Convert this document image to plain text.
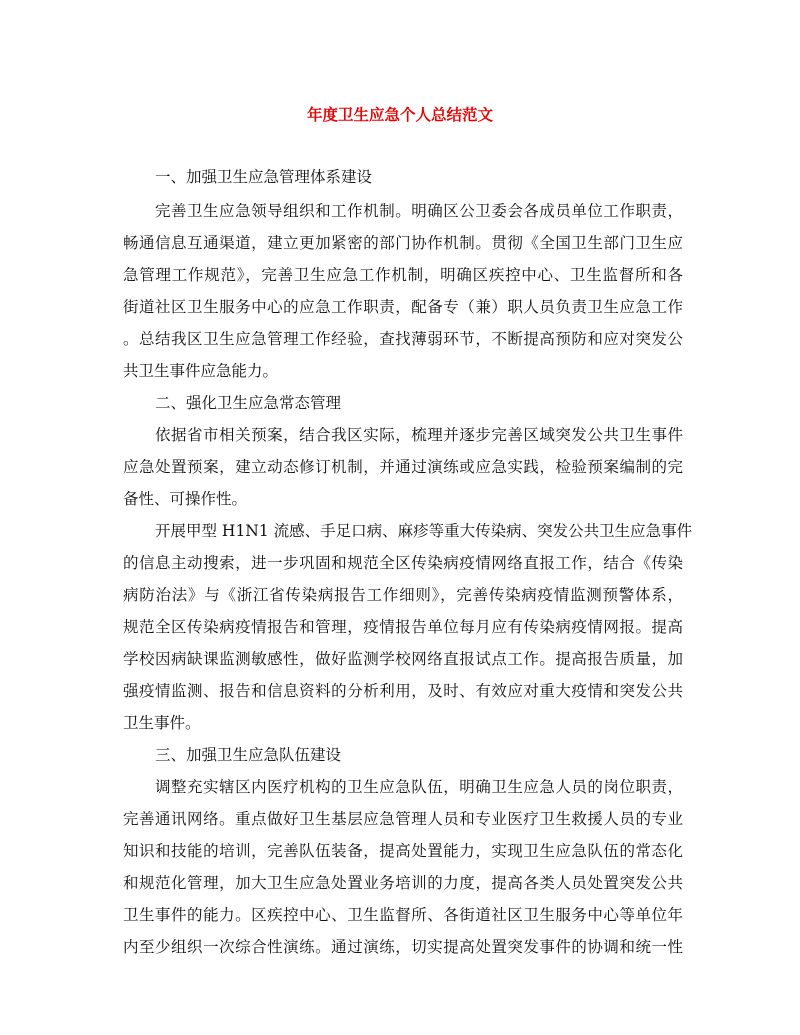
年度卫生应急个人总结范文

一、加强卫生应急管理体系建设

完善卫生应急领导组织和工作机制。明确区公卫委会各成员单位工作职责，

畅通信息互通渠道，建立更加紧密的部门协作机制。贯彻《全国卫生部门卫生应

急管理工作规范》，完善卫生应急工作机制，明确区疾控中心、卫生监督所和各

街道社区卫生服务中心的应急工作职责，配备专（兼）职人员负责卫生应急工作

。总结我区卫生应急管理工作经验，查找薄弱环节，不断提高预防和应对突发公

共卫生事件应急能力。

二、强化卫生应急常态管理

依据省市相关预案，结合我区实际，梳理并逐步完善区域突发公共卫生事件

应急处置预案，建立动态修订机制，并通过演练或应急实践，检验预案编制的完

备性、可操作性。

开展甲型 H1N1 流感、手足口病、麻疹等重大传染病、突发公共卫生应急事件

的信息主动搜索，进一步巩固和规范全区传染病疫情网络直报工作，结合《传染

病防治法》与《浙江省传染病报告工作细则》，完善传染病疫情监测预警体系，

规范全区传染病疫情报告和管理，疫情报告单位每月应有传染病疫情网报。提高

学校因病缺课监测敏感性，做好监测学校网络直报试点工作。提高报告质量，加

强疫情监测、报告和信息资料的分析利用，及时、有效应对重大疫情和突发公共

卫生事件。

三、加强卫生应急队伍建设

调整充实辖区内医疗机构的卫生应急队伍，明确卫生应急人员的岗位职责，

完善通讯网络。重点做好卫生基层应急管理人员和专业医疗卫生救援人员的专业

知识和技能的培训，完善队伍装备，提高处置能力，实现卫生应急队伍的常态化

和规范化管理，加大卫生应急处置业务培训的力度，提高各类人员处置突发公共

卫生事件的能力。区疾控中心、卫生监督所、各街道社区卫生服务中心等单位年

内至少组织一次综合性演练。通过演练，切实提高处置突发事件的协调和统一性
